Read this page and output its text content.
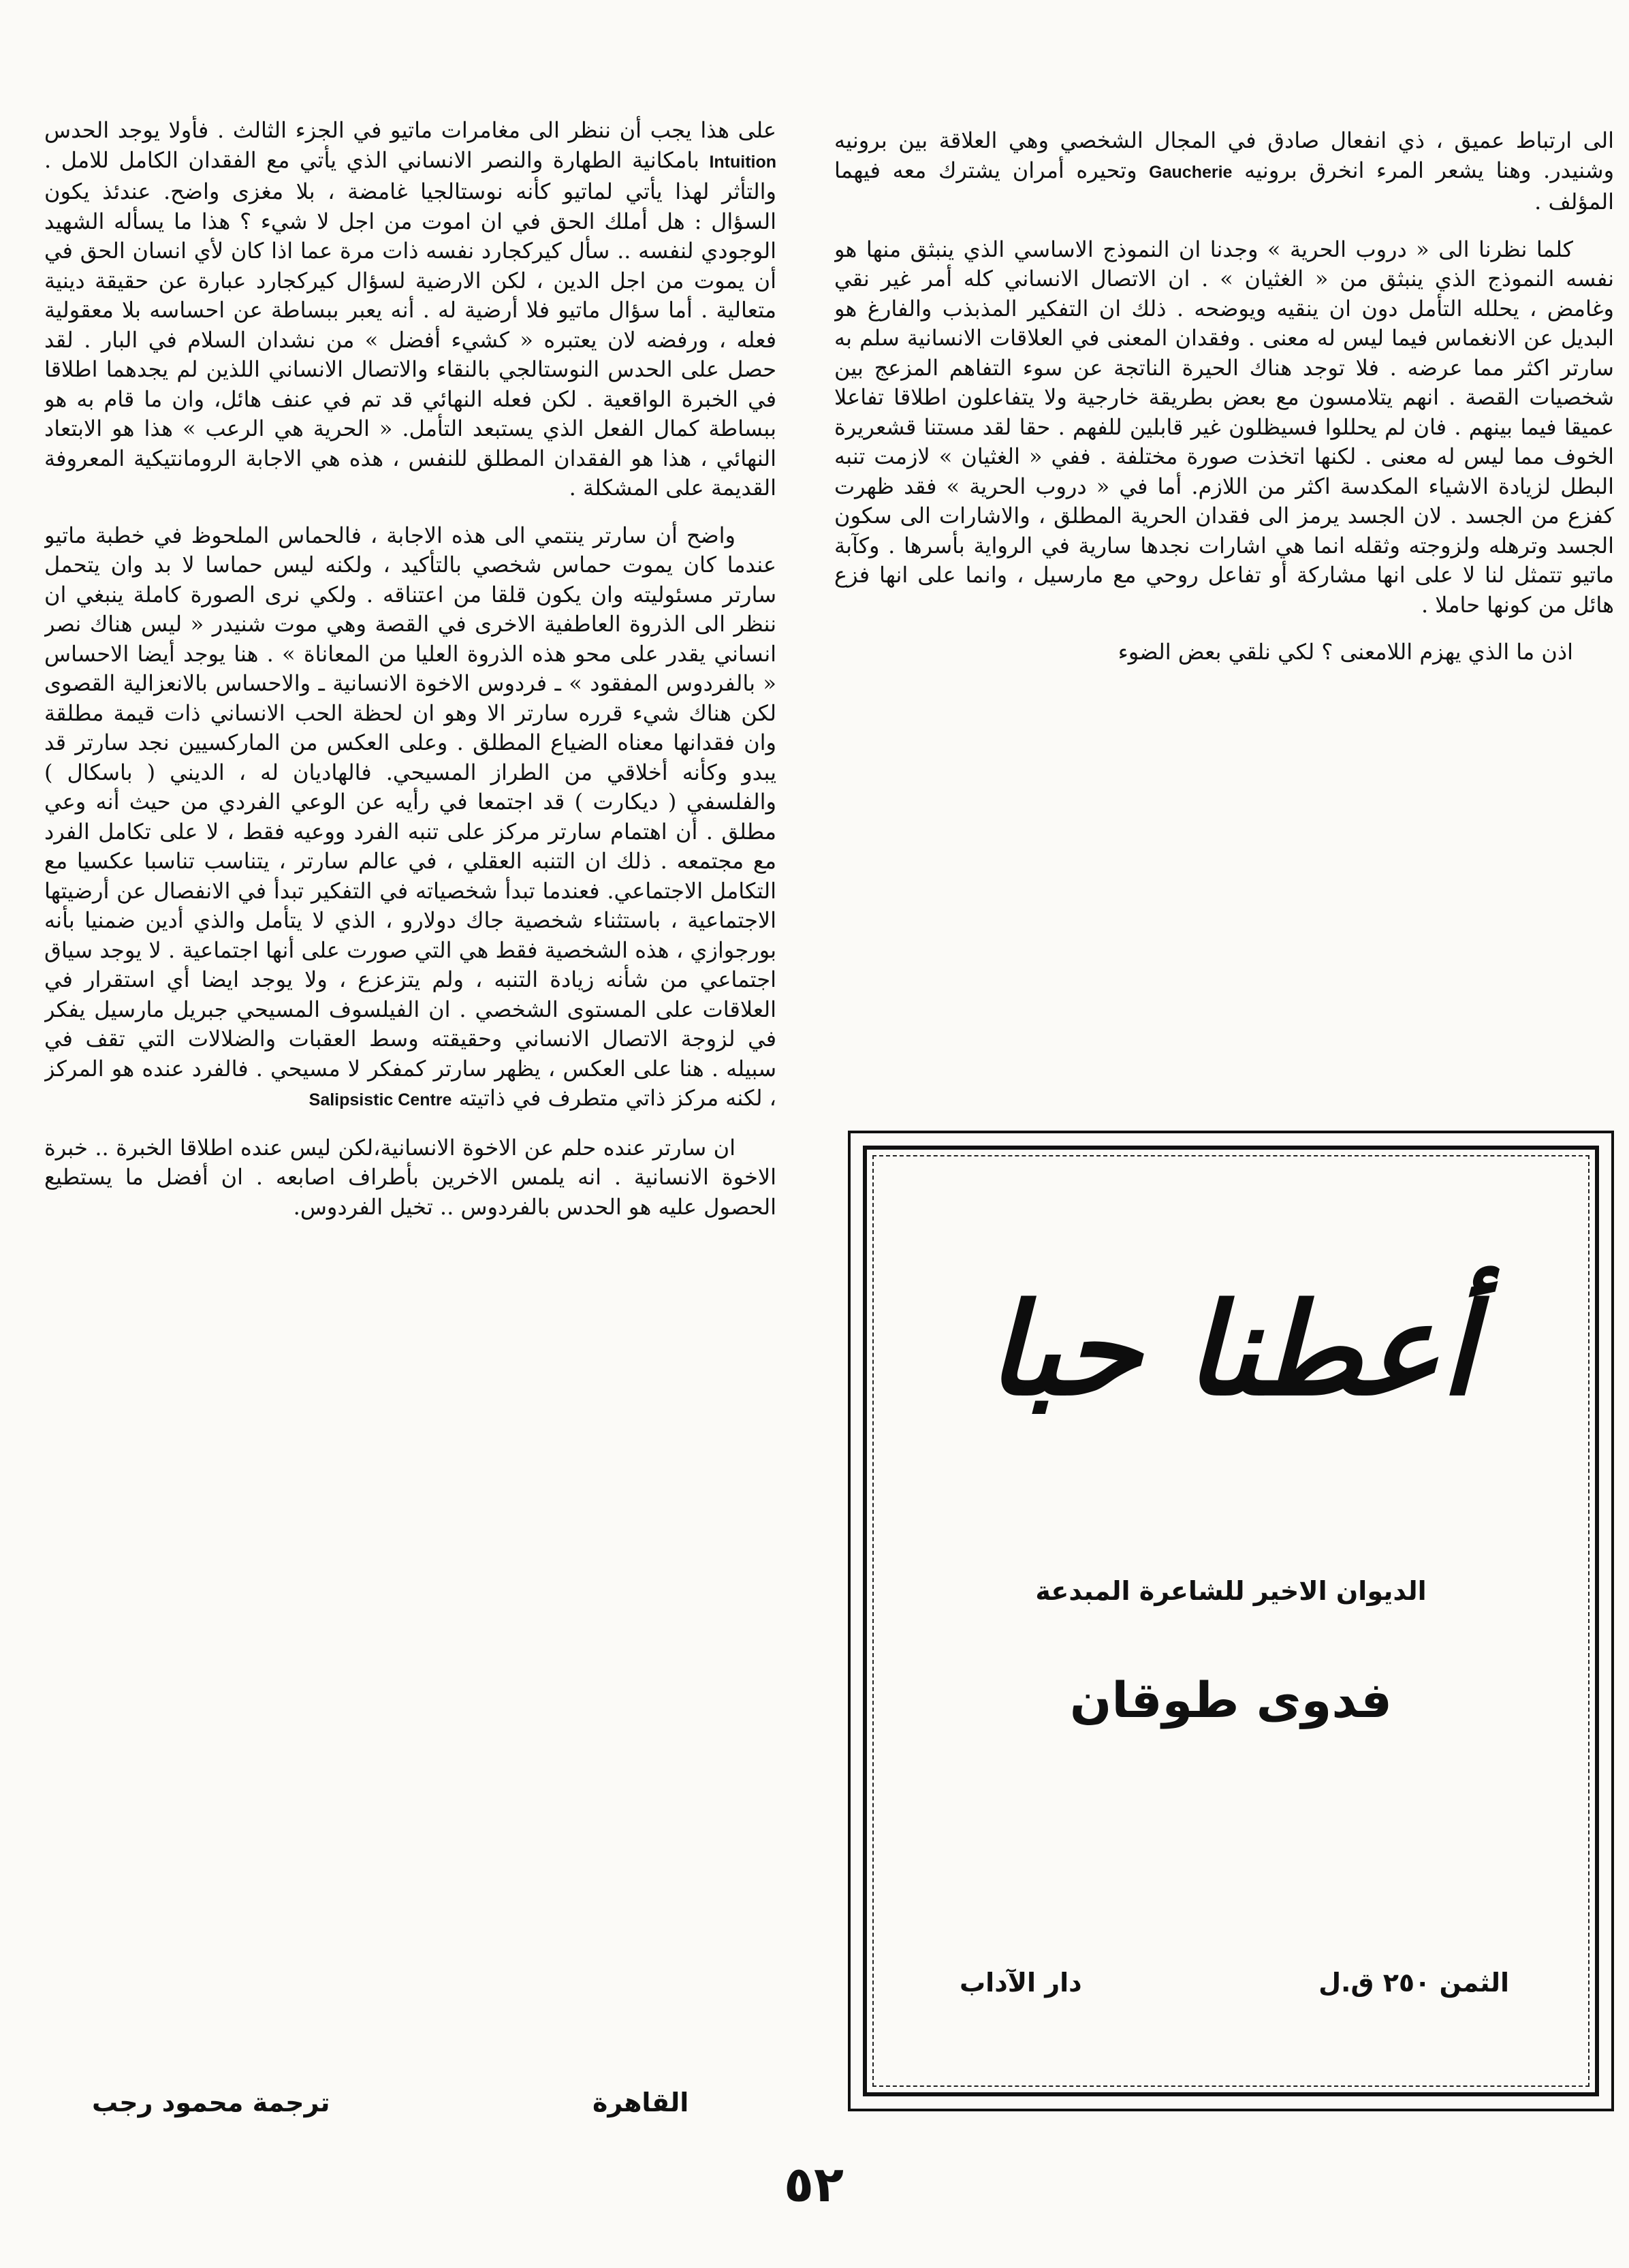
الى ارتباط عميق ، ذي انفعال صادق في المجال الشخصي وهي العلاقة بين برونيه وشنيدر. وهنا يشعر المرء انخرق برونيه Gaucherie وتحيره أمران يشترك معه فيهما المؤلف .

كلما نظرنا الى « دروب الحرية » وجدنا ان النموذج الاساسي الذي ينبثق منها هو نفسه النموذج الذي ينبثق من « الغثيان » . ان الاتصال الانساني كله أمر غير نقي وغامض ، يحلله التأمل دون ان ينقيه ويوضحه . ذلك ان التفكير المذبذب والفارغ هو البديل عن الانغماس فيما ليس له معنى . وفقدان المعنى في العلاقات الانسانية سلم به سارتر اكثر مما عرضه . فلا توجد هناك الحيرة الناتجة عن سوء التفاهم المزعج بين شخصيات القصة . انهم يتلامسون مع بعض بطريقة خارجية ولا يتفاعلون اطلاقا تفاعلا عميقا فيما بينهم . فان لم يحللوا فسيظلون غير قابلين للفهم . حقا لقد مستنا قشعريرة الخوف مما ليس له معنى . لكنها اتخذت صورة مختلفة . ففي « الغثيان » لازمت تنبه البطل لزيادة الاشياء المكدسة اكثر من اللازم. أما في « دروب الحرية » فقد ظهرت كفزع من الجسد . لان الجسد يرمز الى فقدان الحرية المطلق ، والاشارات الى سكون الجسد وترهله ولزوجته وثقله انما هي اشارات نجدها سارية في الرواية بأسرها . وكآبة ماتيو تتمثل لنا لا على انها مشاركة أو تفاعل روحي مع مارسيل ، وانما على انها فزع هائل من كونها حاملا .

اذن ما الذي يهزم اللامعنى ؟ لكي نلقي بعض الضوء

على هذا يجب أن ننظر الى مغامرات ماتيو في الجزء الثالث . فأولا يوجد الحدس Intuition بامكانية الطهارة والنصر الانساني الذي يأتي مع الفقدان الكامل للامل . والتأثر لهذا يأتي لماتيو كأنه نوستالجيا غامضة ، بلا مغزى واضح. عندئذ يكون السؤال : هل أملك الحق في ان اموت من اجل لا شيء ؟ هذا ما يسأله الشهيد الوجودي لنفسه .. سأل كيركجارد نفسه ذات مرة عما اذا كان لأي انسان الحق في أن يموت من اجل الدين ، لكن الارضية لسؤال كيركجارد عبارة عن حقيقة دينية متعالية . أما سؤال ماتيو فلا أرضية له . أنه يعبر ببساطة عن احساسه بلا معقولية فعله ، ورفضه لان يعتبره « كشيء أفضل » من نشدان السلام في البار . لقد حصل على الحدس النوستالجي بالنقاء والاتصال الانساني اللذين لم يجدهما اطلاقا في الخبرة الواقعية . لكن فعله النهائي قد تم في عنف هائل، وان ما قام به هو ببساطة كمال الفعل الذي يستبعد التأمل. « الحرية هي الرعب » هذا هو الابتعاد النهائي ، هذا هو الفقدان المطلق للنفس ، هذه هي الاجابة الرومانتيكية المعروفة القديمة على المشكلة .

واضح أن سارتر ينتمي الى هذه الاجابة ، فالحماس الملحوظ في خطبة ماتيو عندما كان يموت حماس شخصي بالتأكيد ، ولكنه ليس حماسا لا بد وان يتحمل سارتر مسئوليته وان يكون قلقا من اعتناقه . ولكي نرى الصورة كاملة ينبغي ان ننظر الى الذروة العاطفية الاخرى في القصة وهي موت شنيدر « ليس هناك نصر انساني يقدر على محو هذه الذروة العليا من المعاناة » . هنا يوجد أيضا الاحساس « بالفردوس المفقود » ـ فردوس الاخوة الانسانية ـ والاحساس بالانعزالية القصوى لكن هناك شيء قرره سارتر الا وهو ان لحظة الحب الانساني ذات قيمة مطلقة وان فقدانها معناه الضياع المطلق . وعلى العكس من الماركسيين نجد سارتر قد يبدو وكأنه أخلاقي من الطراز المسيحي. فالهاديان له ، الديني ( باسكال ) والفلسفي ( ديكارت ) قد اجتمعا في رأيه عن الوعي الفردي من حيث أنه وعي مطلق . أن اهتمام سارتر مركز على تنبه الفرد ووعيه فقط ، لا على تكامل الفرد مع مجتمعه . ذلك ان التنبه العقلي ، في عالم سارتر ، يتناسب تناسبا عكسيا مع التكامل الاجتماعي. فعندما تبدأ شخصياته في التفكير تبدأ في الانفصال عن أرضيتها الاجتماعية ، باستثناء شخصية جاك دولارو ، الذي لا يتأمل والذي أدين ضمنيا بأنه بورجوازي ، هذه الشخصية فقط هي التي صورت على أنها اجتماعية . لا يوجد سياق اجتماعي من شأنه زيادة التنبه ، ولم يتزعزع ، ولا يوجد ايضا أي استقرار في العلاقات على المستوى الشخصي . ان الفيلسوف المسيحي جبريل مارسيل يفكر في لزوجة الاتصال الانساني وحقيقته وسط العقبات والضلالات التي تقف في سبيله . هنا على العكس ، يظهر سارتر كمفكر لا مسيحي . فالفرد عنده هو المركز ، لكنه مركز ذاتي متطرف في ذاتيته Salipsistic Centre

ان سارتر عنده حلم عن الاخوة الانسانية،لكن ليس عنده اطلاقا الخبرة .. خبرة الاخوة الانسانية . انه يلمس الاخرين بأطراف اصابعه . ان أفضل ما يستطيع الحصول عليه هو الحدس بالفردوس .. تخيل الفردوس.

أعطنا حبا
الديوان الاخير للشاعرة المبدعة
فدوى طوقان
الثمن ٢٥٠ ق.ل
دار الآداب
القاهرة
ترجمة محمود رجب
٥٢
